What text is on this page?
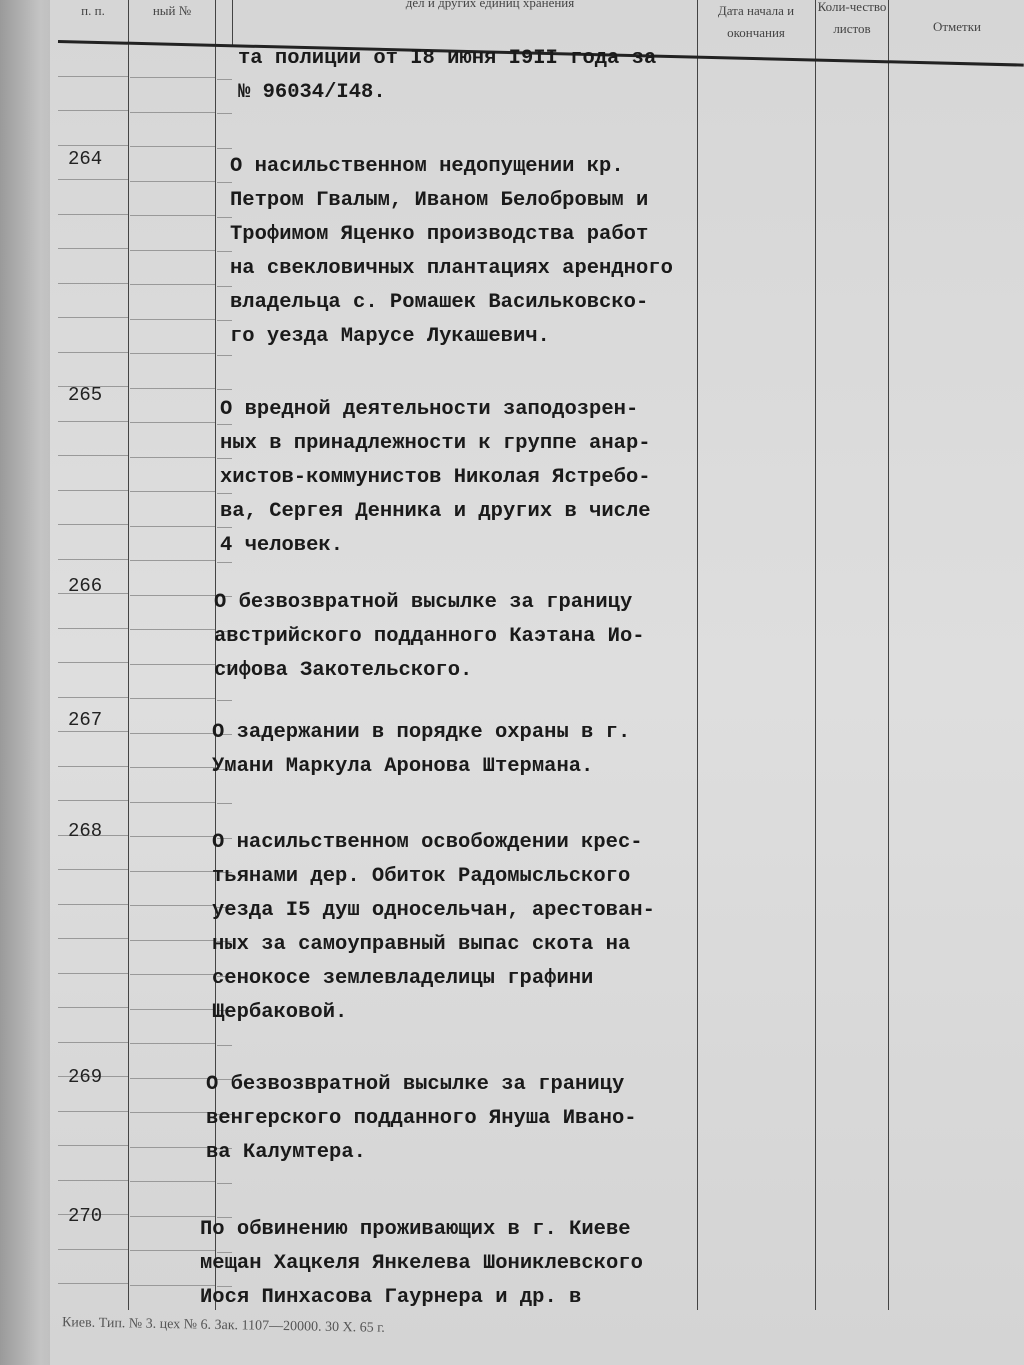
п. п.	ный №
дел и других единиц хранения
Дата начала и окончания
Коли-чество листов	Отметки
264
265
266
267
268
269
270
та полиции от I8 июня I9II года за
№ 96034/I48.
О насильственном недопущении кр.
Петром Гвалым, Иваном Белобровым и
Трофимом Яценко производства работ
на свекловичных плантациях арендного
владельца с. Ромашек Васильковско-
го уезда Марусе Лукашевич.
О вредной деятельности заподозрен-
ных в принадлежности к группе анар-
хистов-коммунистов Николая Ястребо-
ва, Сергея Денника и других в числе
4 человек.
О безвозвратной высылке за границу
австрийского подданного Каэтана Ио-
сифова Закотельского.
О задержании в порядке охраны в г.
Умани Маркула Аронова Штермана.
О насильственном освобождении крес-
тьянами дер. Обиток Радомысльского
уезда I5 душ односельчан, арестован-
ных за самоуправный выпас скота на
сенокосе землевладелицы графини
Щербаковой.
О безвозвратной высылке за границу
венгерского подданного Януша Ивано-
ва Калумтера.
По обвинению проживающих в г. Киеве
мещан Хацкеля Янкелева Шониклевского
Иося Пинхасова Гаурнера и др. в
Киев. Тип. № 3. цех № 6. Зак. 1107—20000. 30 X. 65 г.
